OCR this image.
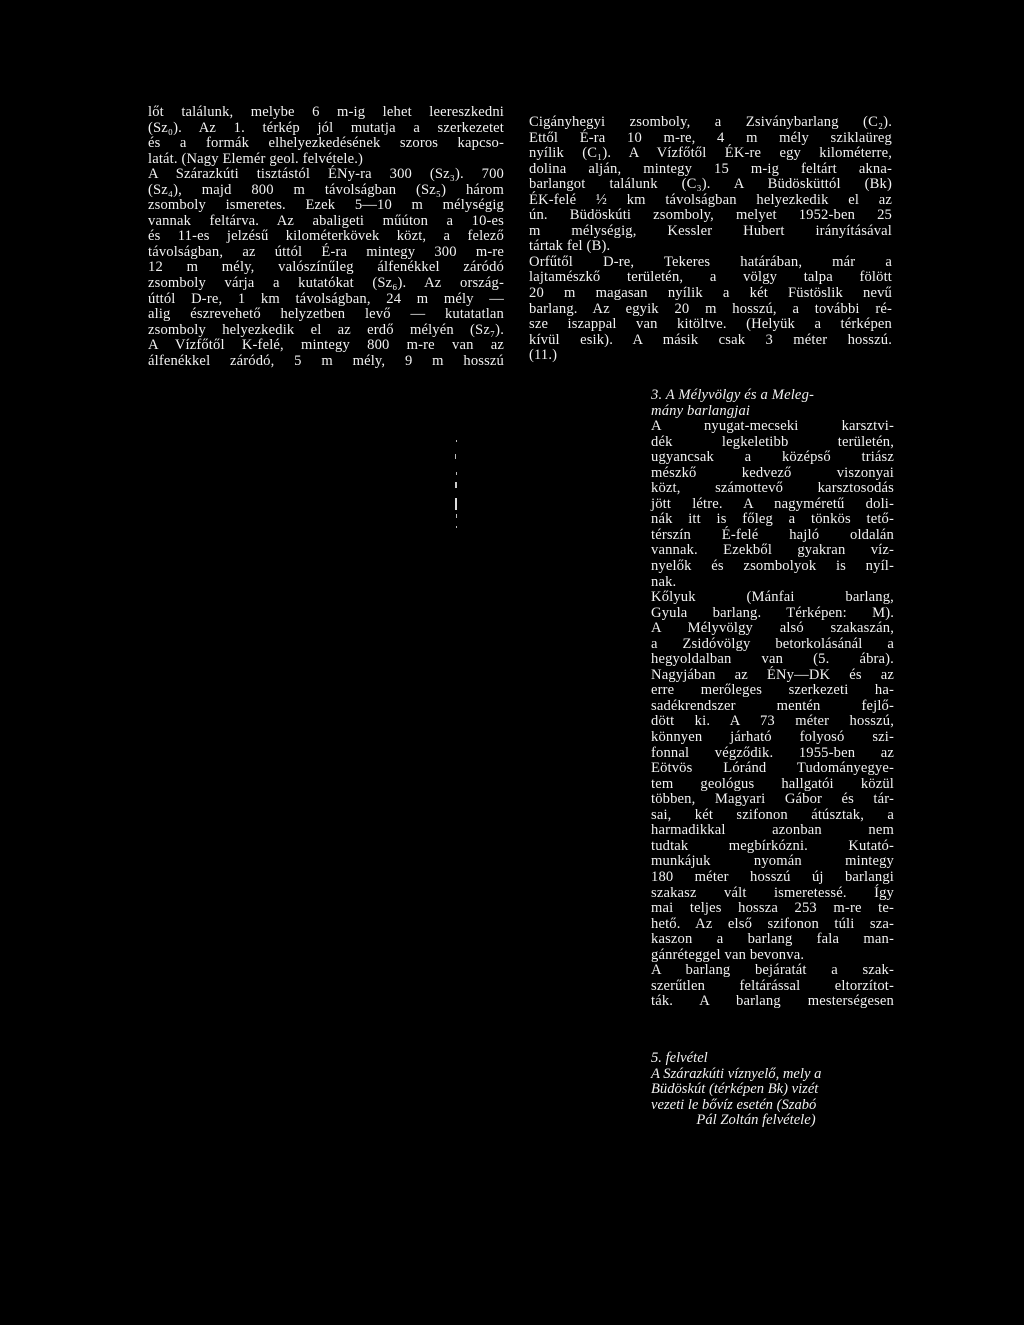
lőt találunk, melybe 6 m-ig lehet leereszkedni

(Sz₀). Az 1. térkép jól mutatja a szerkezetet

és a formák elhelyezkedésének szoros kapcso-

latát. (Nagy Elemér geol. felvétele.)

A Szárazkúti tisztástól ÉNy-ra 300 (Sz₃). 700

(Sz₄), majd 800 m távolságban (Sz₅) három

zsomboly ismeretes. Ezek 5—10 m mélységig

vannak feltárva. Az abaligeti műúton a 10-es

és 11-es jelzésű kilométerkövek közt, a felező

távolságban, az úttól É-ra mintegy 300 m-re

12 m mély, valószínűleg álfenékkel záródó

zsomboly várja a kutatókat (Sz₆). Az ország-

úttól D-re, 1 km távolságban, 24 m mély —

alig észrevehető helyzetben levő — kutatatlan

zsomboly helyezkedik el az erdő mélyén (Sz₇).

A Vízfőtől K-felé, mintegy 800 m-re van az

álfenékkel záródó, 5 m mély, 9 m hosszú

Cigányhegyi zsomboly, a Zsiványbarlang (C₂).

Ettől É-ra 10 m-re, 4 m mély sziklaüreg

nyílik (C₁). A Vízfőtől ÉK-re egy kilométerre,

dolina alján, mintegy 15 m-ig feltárt akna-

barlangot találunk (C₃). A Büdösküttól (Bk)

ÉK-felé ½ km távolságban helyezkedik el az

ún. Büdöskúti zsomboly, melyet 1952-ben 25

m mélységig, Kessler Hubert irányításával

tártak fel (B).

Orfűtől D-re, Tekeres határában, már a

lajtamészkő területén, a völgy talpa fölött

20 m magasan nyílik a két Füstöslik nevű

barlang. Az egyik 20 m hosszú, a további ré-

sze iszappal van kitöltve. (Helyük a térképen

kívül esik). A másik csak 3 méter hosszú.

(11.)

3. A Mélyvölgy és a Meleg-

mány barlangjai

A nyugat-mecseki karsztvi-

dék legkeletibb területén,

ugyancsak a középső triász

mészkő kedvező viszonyai

közt, számottevő karsztosodás

jött létre. A nagyméretű doli-

nák itt is főleg a tönkös tető-

térszín É-felé hajló oldalán

vannak. Ezekből gyakran víz-

nyelők és zsombolyok is nyíl-

nak.

Kőlyuk (Mánfai barlang,

Gyula barlang. Térképen: M).

A Mélyvölgy alsó szakaszán,

a Zsidóvölgy betorkolásánál a

hegyoldalban van (5. ábra).

Nagyjában az ÉNy—DK és az

erre merőleges szerkezeti ha-

sadékrendszer mentén fejlő-

dött ki. A 73 méter hosszú,

könnyen járható folyosó szi-

fonnal végződik. 1955-ben az

Eötvös Lóránd Tudományegye-

tem geológus hallgatói közül

többen, Magyari Gábor és tár-

sai, két szifonon átúsztak, a

harmadikkal azonban nem

tudtak megbírkózni. Kutató-

munkájuk nyomán mintegy

180 méter hosszú új barlangi

szakasz vált ismeretessé. Így

mai teljes hossza 253 m-re te-

hető. Az első szifonon túli sza-

kaszon a barlang fala man-

gánréteggel van bevonva.

A barlang bejáratát a szak-

szerűtlen feltárással eltorzítot-

ták. A barlang mesterségesen

5. felvétel

A Szárazkúti víznyelő, mely a

Büdöskút (térképen Bk) vizét

vezeti le bővíz esetén (Szabó

Pál Zoltán felvétele)
